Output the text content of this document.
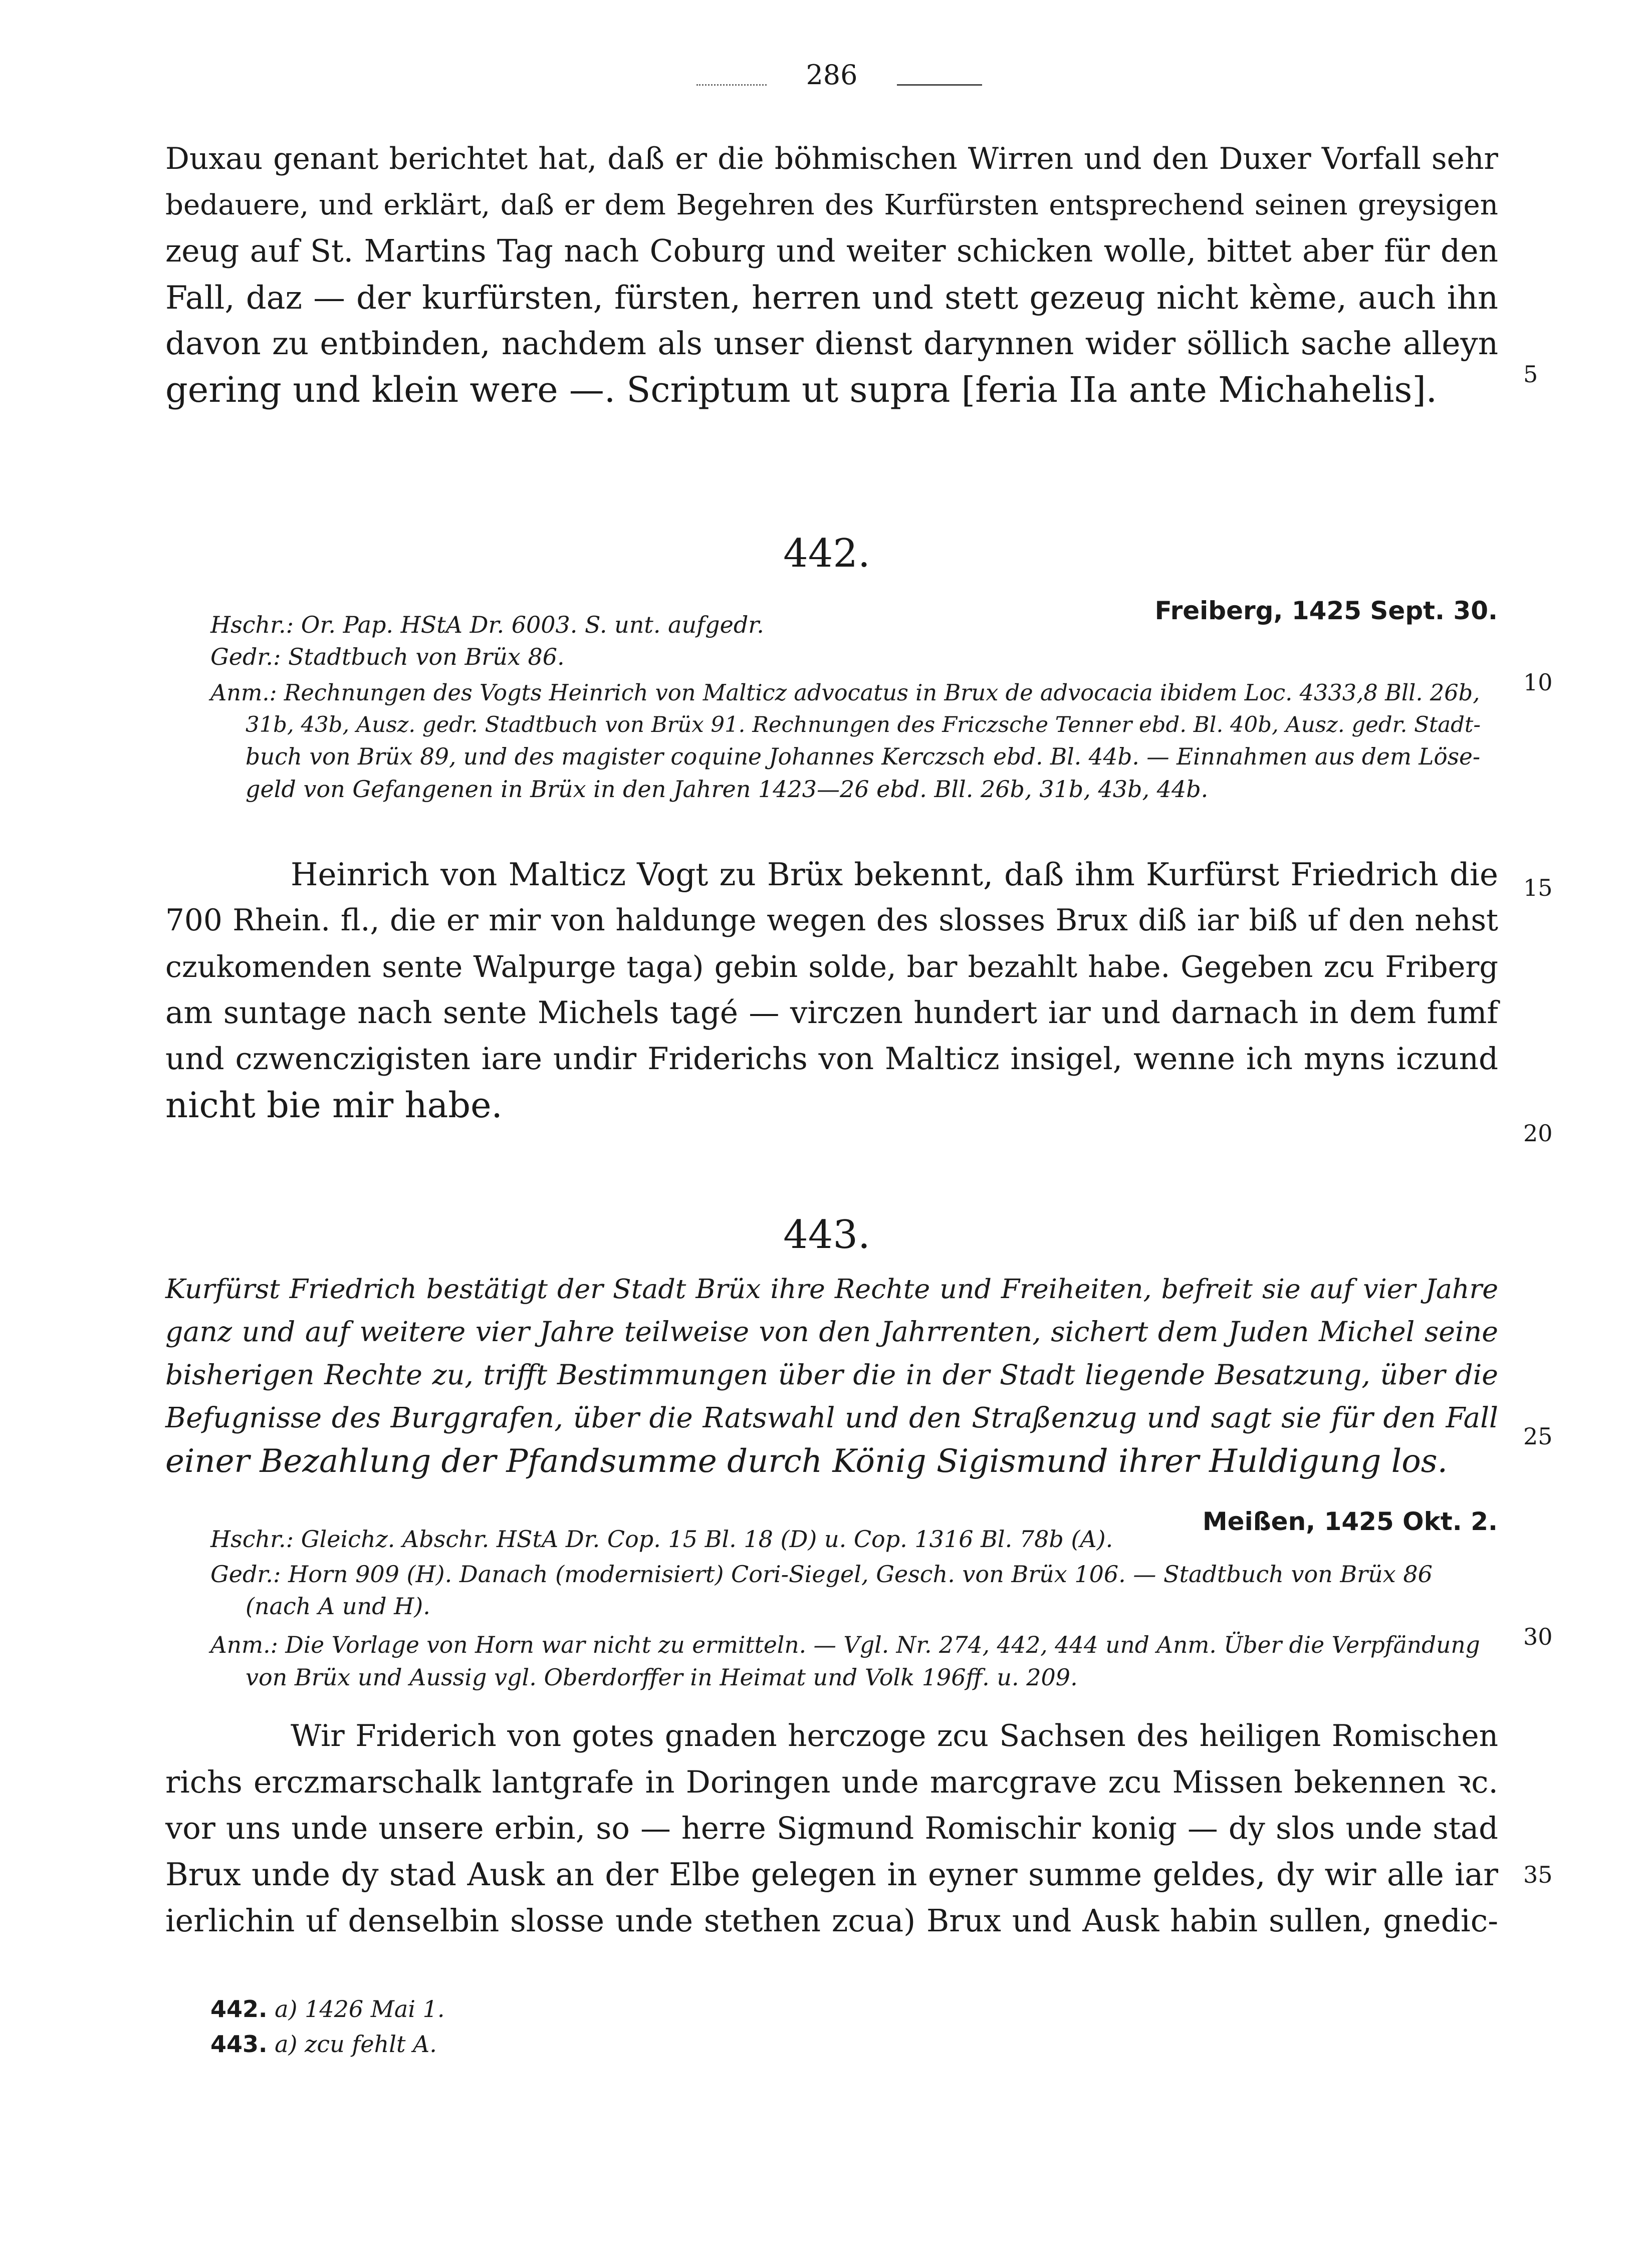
286
Duxau genant berichtet hat, daß er die böhmischen Wirren und den Duxer Vorfall sehr
bedauere, und erklärt, daß er dem Begehren des Kurfürsten entsprechend seinen greysigen
zeug auf St. Martins Tag nach Coburg und weiter schicken wolle, bittet aber für den
Fall, daz — der kurfürsten, fürsten, herren und stett gezeug nicht kème, auch ihn
davon zu entbinden, nachdem als unser dienst darynnen wider söllich sache alleyn
gering und klein were —. Scriptum ut supra [feria IIa ante Michahelis].
442.
Freiberg, 1425 Sept. 30.
Hschr.: Or. Pap. HStA Dr. 6003. S. unt. aufgedr.
Gedr.: Stadtbuch von Brüx 86.
Anm.: Rechnungen des Vogts Heinrich von Malticz advocatus in Brux de advocacia ibidem Loc. 4333,8 Bll. 26b,
31b, 43b, Ausz. gedr. Stadtbuch von Brüx 91. Rechnungen des Friczsche Tenner ebd. Bl. 40b, Ausz. gedr. Stadt-
buch von Brüx 89, und des magister coquine Johannes Kerczsch ebd. Bl. 44b. — Einnahmen aus dem Löse-
geld von Gefangenen in Brüx in den Jahren 1423—26 ebd. Bll. 26b, 31b, 43b, 44b.
Heinrich von Malticz Vogt zu Brüx bekennt, daß ihm Kurfürst Friedrich die
700 Rhein. fl., die er mir von haldunge wegen des slosses Brux diß iar biß uf den nehst
czukomenden sente Walpurge taga) gebin solde, bar bezahlt habe. Gegeben zcu Friberg
am suntage nach sente Michels tagé — virczen hundert iar und darnach in dem fumf
und czwenczigisten iare undir Friderichs von Malticz insigel, wenne ich myns iczund
nicht bie mir habe.
443.
Kurfürst Friedrich bestätigt der Stadt Brüx ihre Rechte und Freiheiten, befreit sie auf vier Jahre
ganz und auf weitere vier Jahre teilweise von den Jahrrenten, sichert dem Juden Michel seine
bisherigen Rechte zu, trifft Bestimmungen über die in der Stadt liegende Besatzung, über die
Befugnisse des Burggrafen, über die Ratswahl und den Straßenzug und sagt sie für den Fall
einer Bezahlung der Pfandsumme durch König Sigismund ihrer Huldigung los.
Meißen, 1425 Okt. 2.
Hschr.: Gleichz. Abschr. HStA Dr. Cop. 15 Bl. 18 (D) u. Cop. 1316 Bl. 78b (A).
Gedr.: Horn 909 (H). Danach (modernisiert) Cori-Siegel, Gesch. von Brüx 106. — Stadtbuch von Brüx 86
(nach A und H).
Anm.: Die Vorlage von Horn war nicht zu ermitteln. — Vgl. Nr. 274, 442, 444 und Anm. Über die Verpfändung
von Brüx und Aussig vgl. Oberdorffer in Heimat und Volk 196ff. u. 209.
Wir Friderich von gotes gnaden herczoge zcu Sachsen des heiligen Romischen
richs erczmarschalk lantgrafe in Doringen unde marcgrave zcu Missen bekennen ꝛc.
vor uns unde unsere erbin, so — herre Sigmund Romischir konig — dy slos unde stad
Brux unde dy stad Ausk an der Elbe gelegen in eyner summe geldes, dy wir alle iar
ierlichin uf denselbin slosse unde stethen zcua) Brux und Ausk habin sullen, gnedic-
5
10
15
20
25
30
35
442. a) 1426 Mai 1.
443. a) zcu fehlt A.
